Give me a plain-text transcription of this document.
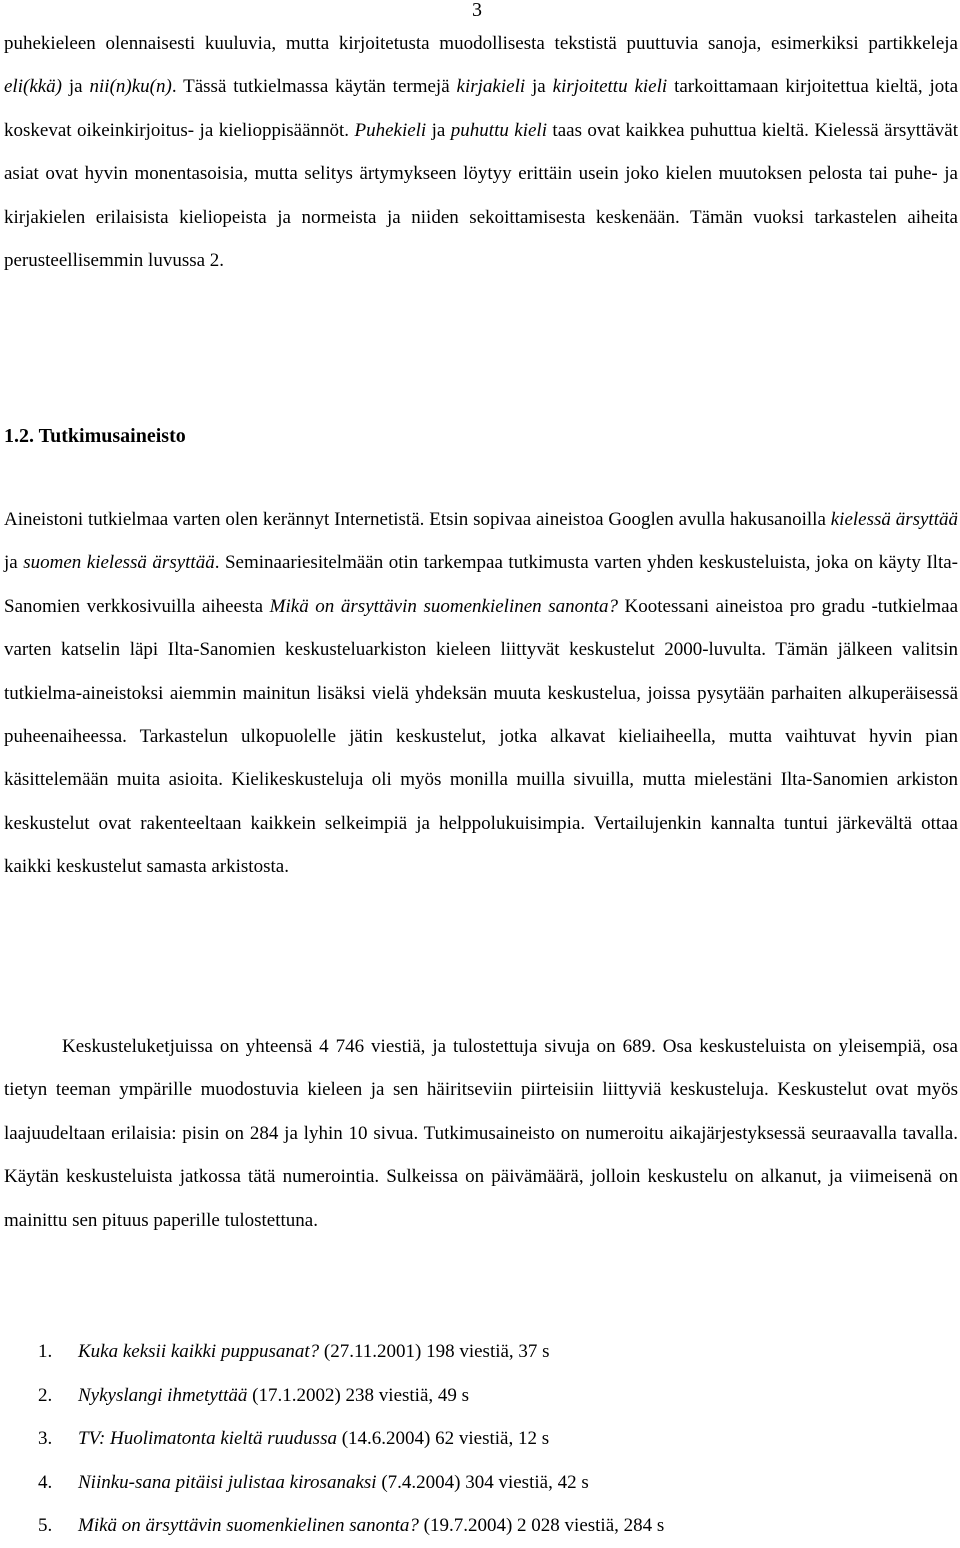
3

puhekieleen olennaisesti kuuluvia, mutta kirjoitetusta muodollisesta tekstistä puuttuvia sanoja, esimerkiksi partikkeleja eli(kkä) ja nii(n)ku(n). Tässä tutkielmassa käytän termejä kirjakieli ja kirjoitettu kieli tarkoittamaan kirjoitettua kieltä, jota koskevat oikeinkirjoitus- ja kielioppisäännöt. Puhekieli ja puhuttu kieli taas ovat kaikkea puhuttua kieltä. Kielessä ärsyttävät asiat ovat hyvin monentasoisia, mutta selitys ärtymykseen löytyy erittäin usein joko kielen muutoksen pelosta tai puhe- ja kirjakielen erilaisista kieliopeista ja normeista ja niiden sekoittamisesta keskenään. Tämän vuoksi tarkastelen aiheita perusteellisemmin luvussa 2.

1.2. Tutkimusaineisto

Aineistoni tutkielmaa varten olen kerännyt Internetistä. Etsin sopivaa aineistoa Googlen avulla hakusanoilla kielessä ärsyttää ja suomen kielessä ärsyttää. Seminaariesitelmään otin tarkempaa tutkimusta varten yhden keskusteluista, joka on käyty Ilta-Sanomien verkkosivuilla aiheesta Mikä on ärsyttävin suomenkielinen sanonta? Kootessani aineistoa pro gradu -tutkielmaa varten katselin läpi Ilta-Sanomien keskusteluarkiston kieleen liittyvät keskustelut 2000-luvulta. Tämän jälkeen valitsin tutkielma-aineistoksi aiemmin mainitun lisäksi vielä yhdeksän muuta keskustelua, joissa pysytään parhaiten alkuperäisessä puheenaiheessa. Tarkastelun ulkopuolelle jätin keskustelut, jotka alkavat kieliaiheella, mutta vaihtuvat hyvin pian käsittelemään muita asioita. Kielikeskusteluja oli myös monilla muilla sivuilla, mutta mielestäni Ilta-Sanomien arkiston keskustelut ovat rakenteeltaan kaikkein selkeimpiä ja helppolukuisimpia. Vertailujenkin kannalta tuntui järkevältä ottaa kaikki keskustelut samasta arkistosta.

Keskusteluketjuissa on yhteensä 4 746 viestiä, ja tulostettuja sivuja on 689. Osa keskusteluista on yleisempiä, osa tietyn teeman ympärille muodostuvia kieleen ja sen häiritseviin piirteisiin liittyviä keskusteluja. Keskustelut ovat myös laajuudeltaan erilaisia: pisin on 284 ja lyhin 10 sivua. Tutkimusaineisto on numeroitu aikajärjestyksessä seuraavalla tavalla. Käytän keskusteluista jatkossa tätä numerointia. Sulkeissa on päivämäärä, jolloin keskustelu on alkanut, ja viimeisenä on mainittu sen pituus paperille tulostettuna.

1. Kuka keksii kaikki puppusanat? (27.11.2001) 198 viestiä, 37 s
2. Nykyslangi ihmetyttää (17.1.2002) 238 viestiä, 49 s
3. TV: Huolimatonta kieltä ruudussa (14.6.2004) 62 viestiä, 12 s
4. Niinku-sana pitäisi julistaa kirosanaksi (7.4.2004) 304 viestiä, 42 s
5. Mikä on ärsyttävin suomenkielinen sanonta? (19.7.2004) 2 028 viestiä, 284 s
